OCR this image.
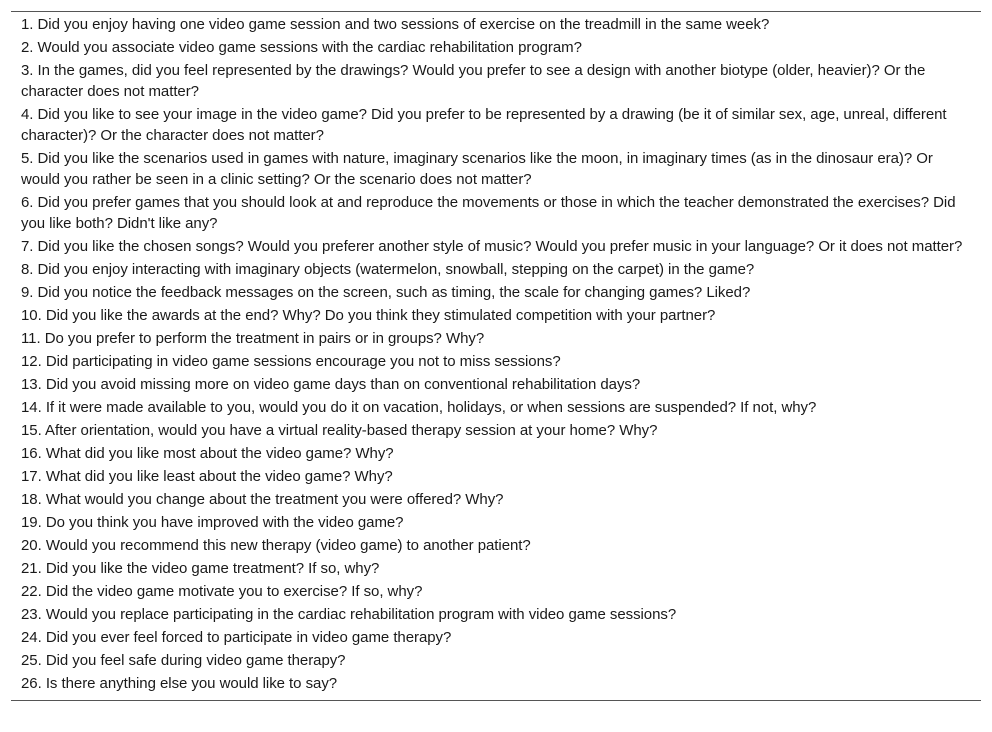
1. Did you enjoy having one video game session and two sessions of exercise on the treadmill in the same week?
2. Would you associate video game sessions with the cardiac rehabilitation program?
3. In the games, did you feel represented by the drawings? Would you prefer to see a design with another biotype (older, heavier)? Or the character does not matter?
4. Did you like to see your image in the video game? Did you prefer to be represented by a drawing (be it of similar sex, age, unreal, different character)? Or the character does not matter?
5. Did you like the scenarios used in games with nature, imaginary scenarios like the moon, in imaginary times (as in the dinosaur era)? Or would you rather be seen in a clinic setting? Or the scenario does not matter?
6. Did you prefer games that you should look at and reproduce the movements or those in which the teacher demonstrated the exercises? Did you like both? Didn't like any?
7. Did you like the chosen songs? Would you preferer another style of music? Would you prefer music in your language? Or it does not matter?
8. Did you enjoy interacting with imaginary objects (watermelon, snowball, stepping on the carpet) in the game?
9. Did you notice the feedback messages on the screen, such as timing, the scale for changing games? Liked?
10. Did you like the awards at the end? Why? Do you think they stimulated competition with your partner?
11. Do you prefer to perform the treatment in pairs or in groups? Why?
12. Did participating in video game sessions encourage you not to miss sessions?
13. Did you avoid missing more on video game days than on conventional rehabilitation days?
14. If it were made available to you, would you do it on vacation, holidays, or when sessions are suspended? If not, why?
15. After orientation, would you have a virtual reality-based therapy session at your home? Why?
16. What did you like most about the video game? Why?
17. What did you like least about the video game? Why?
18. What would you change about the treatment you were offered? Why?
19. Do you think you have improved with the video game?
20. Would you recommend this new therapy (video game) to another patient?
21. Did you like the video game treatment? If so, why?
22. Did the video game motivate you to exercise? If so, why?
23. Would you replace participating in the cardiac rehabilitation program with video game sessions?
24. Did you ever feel forced to participate in video game therapy?
25. Did you feel safe during video game therapy?
26. Is there anything else you would like to say?
